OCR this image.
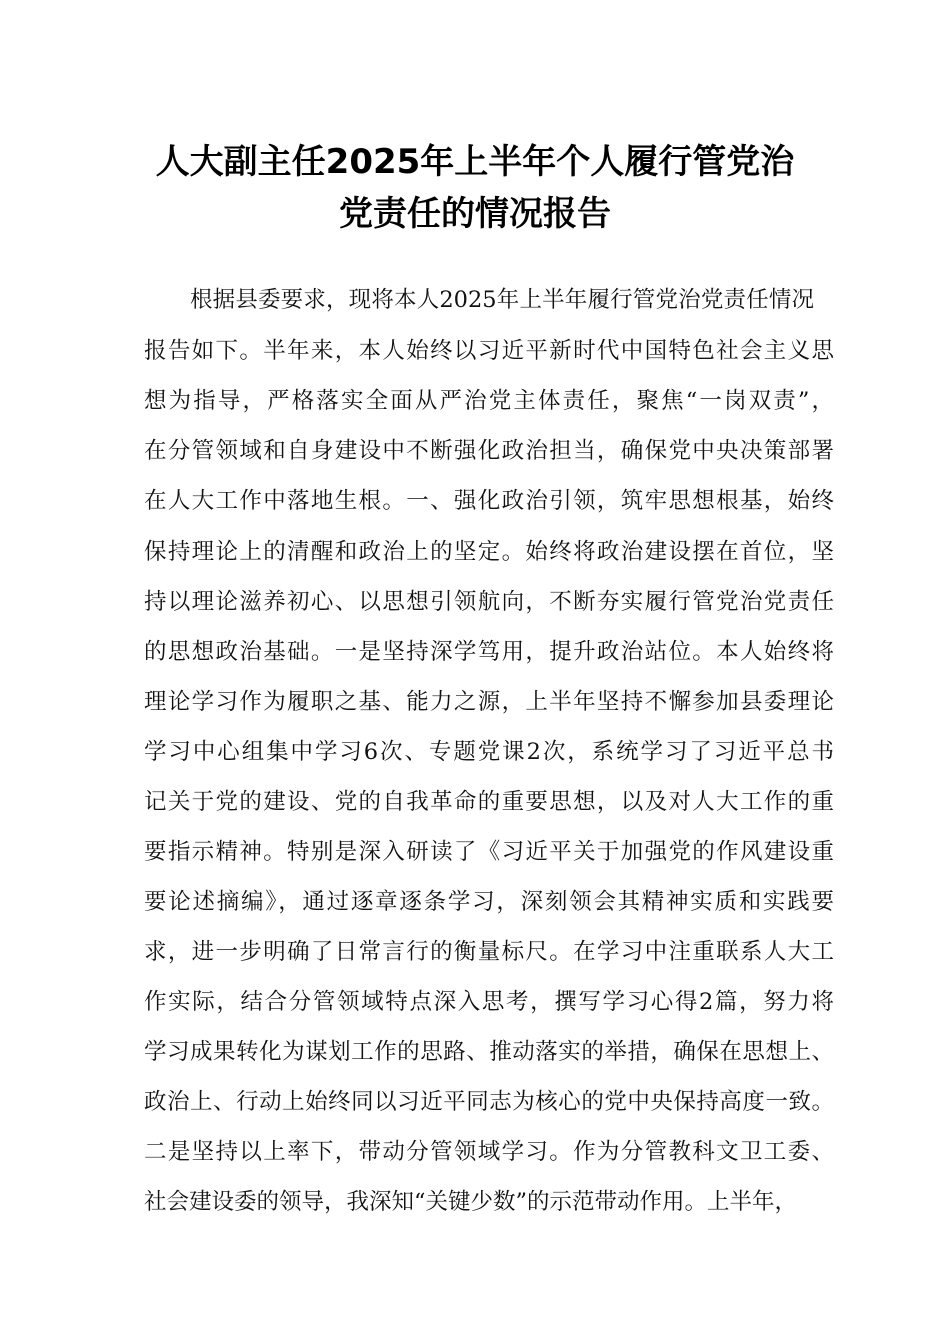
人大副主任2025年上半年个人履行管党治
党责任的情况报告
根据县委要求，现将本人2025年上半年履行管党治党责任情况
报告如下。半年来，本人始终以习近平新时代中国特色社会主义思
想为指导，严格落实全面从严治党主体责任，聚焦“一岗双责”，
在分管领域和自身建设中不断强化政治担当，确保党中央决策部署
在人大工作中落地生根。一、强化政治引领，筑牢思想根基，始终
保持理论上的清醒和政治上的坚定。始终将政治建设摆在首位，坚
持以理论滋养初心、以思想引领航向，不断夯实履行管党治党责任
的思想政治基础。一是坚持深学笃用，提升政治站位。本人始终将
理论学习作为履职之基、能力之源，上半年坚持不懈参加县委理论
学习中心组集中学习6次、专题党课2次，系统学习了习近平总书
记关于党的建设、党的自我革命的重要思想，以及对人大工作的重
要指示精神。特别是深入研读了《习近平关于加强党的作风建设重
要论述摘编》，通过逐章逐条学习，深刻领会其精神实质和实践要
求，进一步明确了日常言行的衡量标尺。在学习中注重联系人大工
作实际，结合分管领域特点深入思考，撰写学习心得2篇，努力将
学习成果转化为谋划工作的思路、推动落实的举措，确保在思想上、
政治上、行动上始终同以习近平同志为核心的党中央保持高度一致。
二是坚持以上率下，带动分管领域学习。作为分管教科文卫工委、
社会建设委的领导，我深知“关键少数”的示范带动作用。上半年，
